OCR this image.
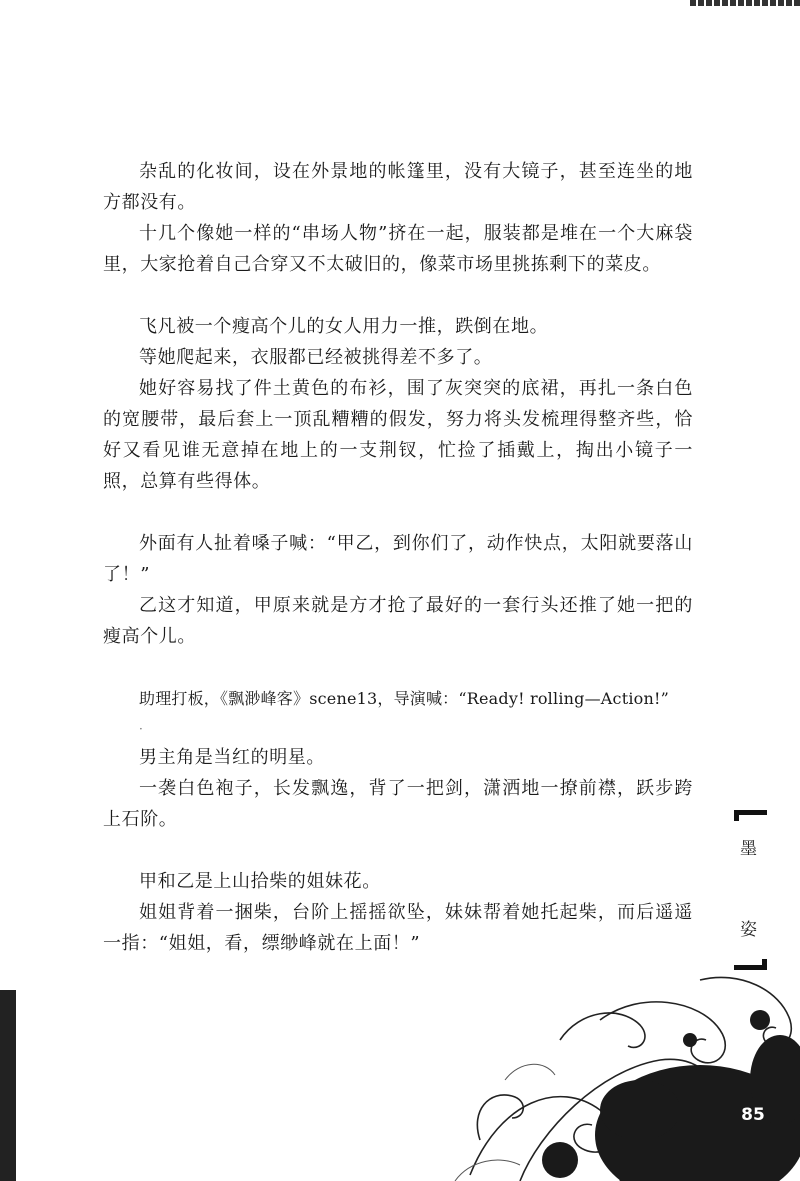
杂乱的化妆间，设在外景地的帐篷里，没有大镜子，甚至连坐的地方都没有。

十几个像她一样的“串场人物”挤在一起，服装都是堆在一个大麻袋里，大家抢着自己合穿又不太破旧的，像菜市场里挑拣剩下的菜皮。

飞凡被一个瘦高个儿的女人用力一推，跌倒在地。

等她爬起来，衣服都已经被挑得差不多了。

她好容易找了件土黄色的布衫，围了灰突突的底裙，再扎一条白色的宽腰带，最后套上一顶乱糟糟的假发，努力将头发梳理得整齐些，恰好又看见谁无意掉在地上的一支荆钗，忙捡了插戴上，掏出小镜子一照，总算有些得体。

外面有人扯着嗓子喊：“甲乙，到你们了，动作快点，太阳就要落山了！”

乙这才知道，甲原来就是方才抢了最好的一套行头还推了她一把的瘦高个儿。

助理打板，《飘渺峰客》scene13，导演喊：“Ready! rolling—Action!”

·

男主角是当红的明星。

一袭白色袍子，长发飘逸，背了一把剑，潇洒地一撩前襟，跃步跨上石阶。

甲和乙是上山拾柴的姐妹花。

姐姐背着一捆柴，台阶上摇摇欲坠，妹妹帮着她托起柴，而后遥遥一指：“姐姐，看，缥缈峰就在上面！”

墨
姿
85
